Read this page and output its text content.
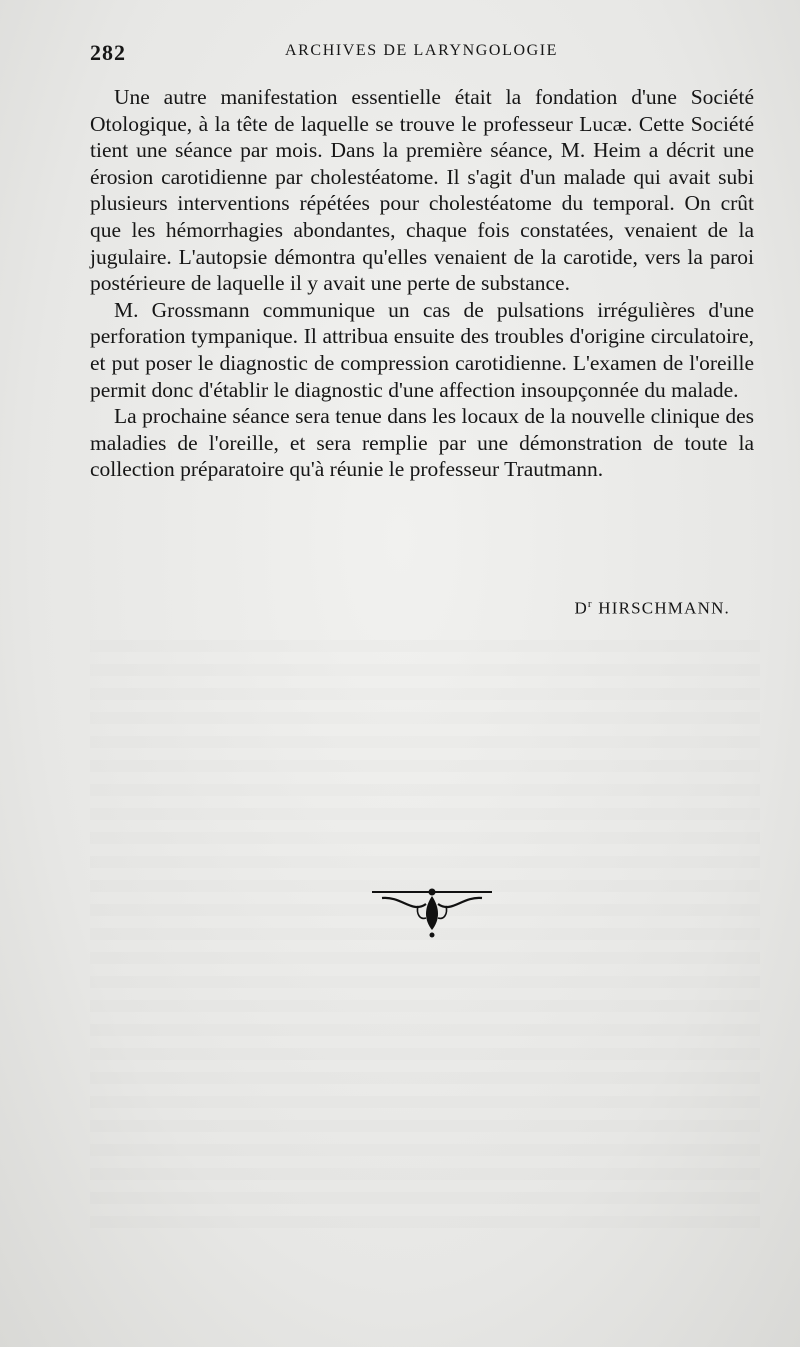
282	ARCHIVES DE LARYNGOLOGIE

Une autre manifestation essentielle était la fondation d'une Société Otologique, à la tête de laquelle se trouve le professeur Lucæ. Cette Société tient une séance par mois. Dans la première séance, M. Heim a décrit une érosion carotidienne par cholestéatome. Il s'agit d'un malade qui avait subi plusieurs interventions répétées pour cholestéatome du temporal. On crût que les hémorrhagies abondantes, chaque fois constatées, venaient de la jugulaire. L'autopsie démontra qu'elles venaient de la carotide, vers la paroi postérieure de laquelle il y avait une perte de substance.

M. Grossmann communique un cas de pulsations irrégulières d'une perforation tympanique. Il attribua ensuite des troubles d'origine circulatoire, et put poser le diagnostic de compression carotidienne. L'examen de l'oreille permit donc d'établir le diagnostic d'une affection insoupçonnée du malade.

La prochaine séance sera tenue dans les locaux de la nouvelle clinique des maladies de l'oreille, et sera remplie par une démonstration de toute la collection préparatoire qu'à réunie le professeur Trautmann.

$D^r$ HIRSCHMANN.
